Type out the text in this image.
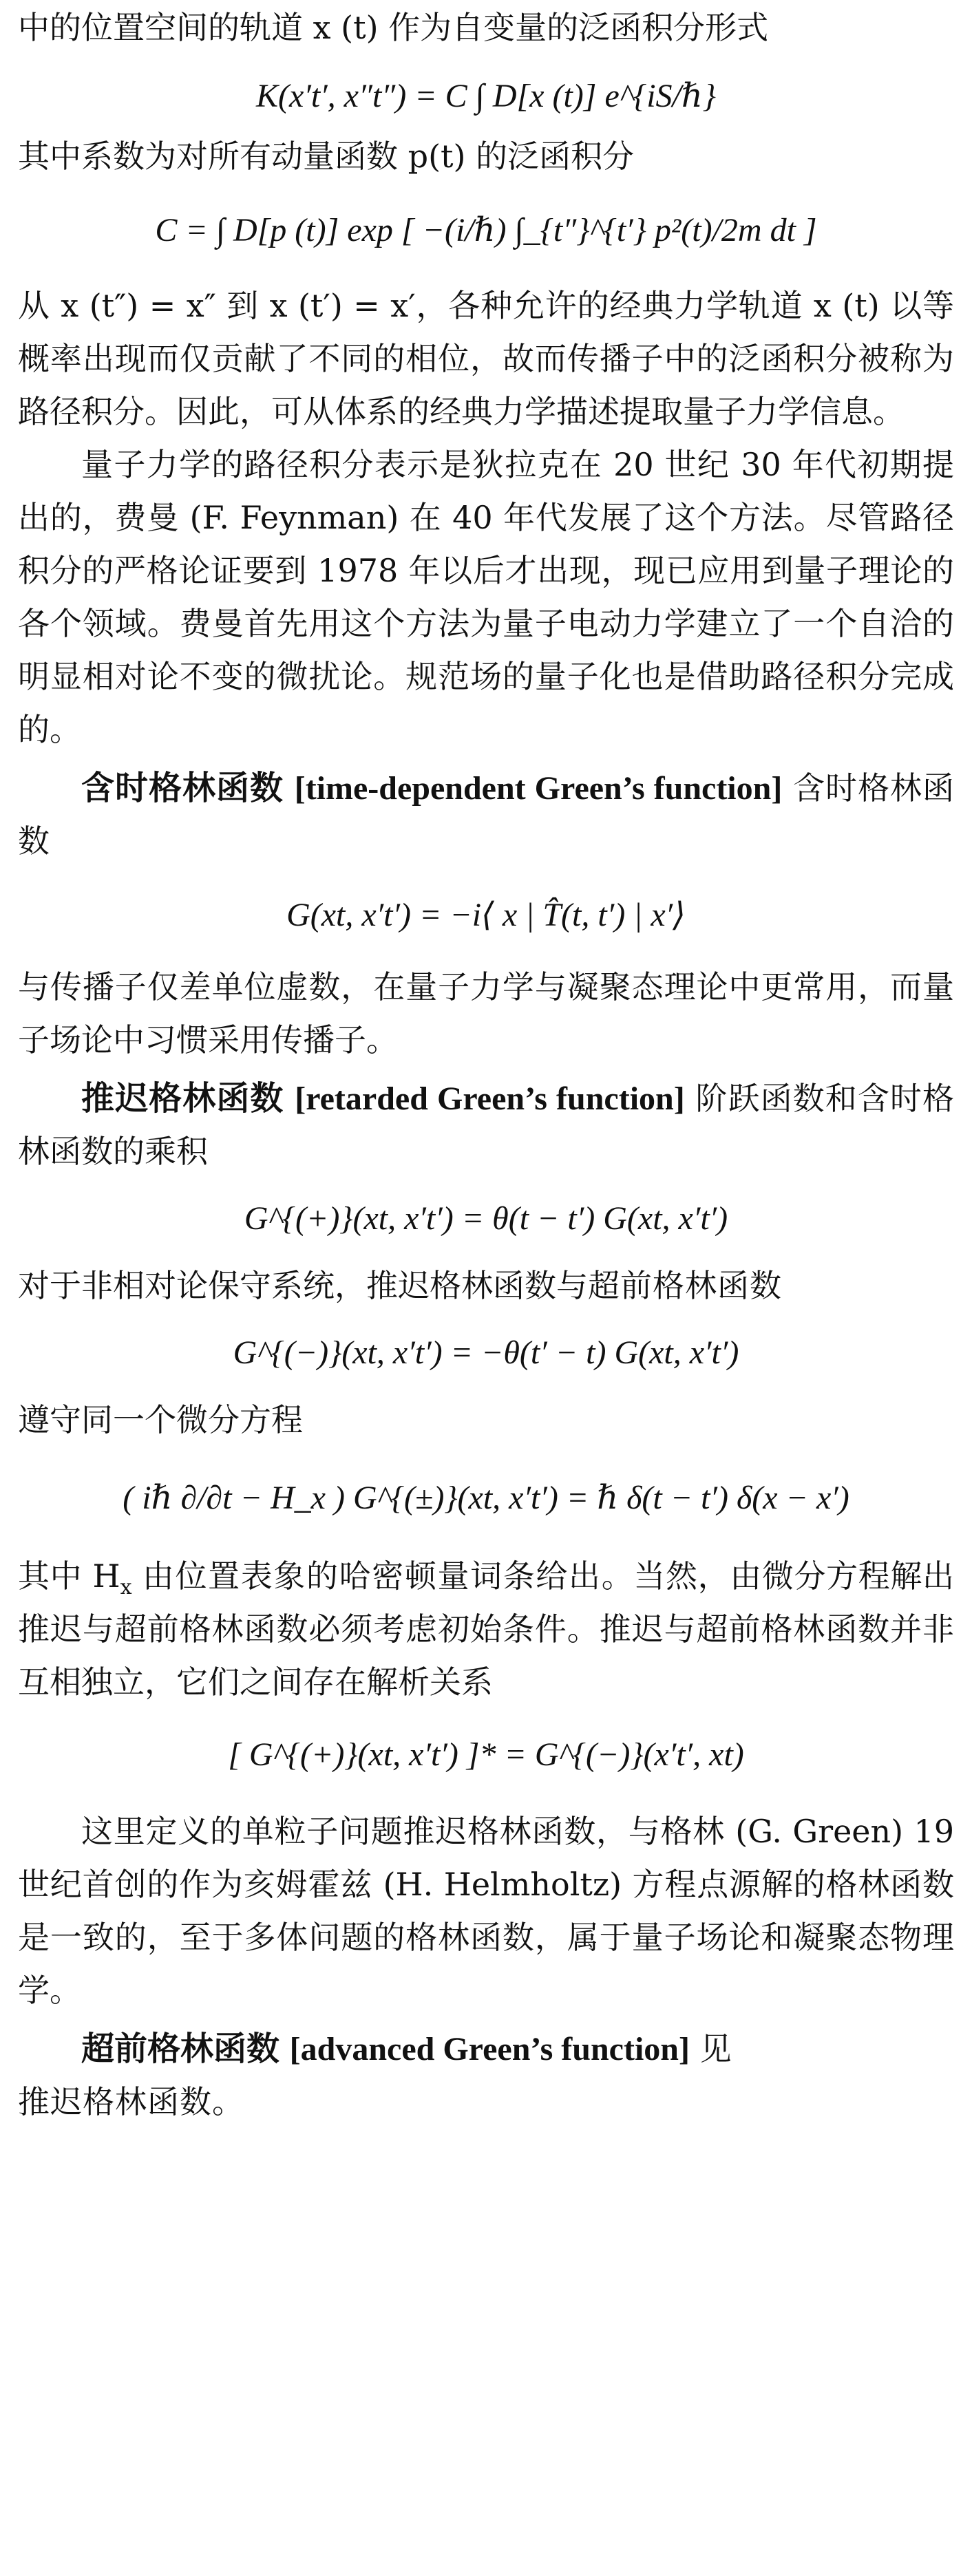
中的位置空间的轨道 x (t) 作为自变量的泛函积分形式

K(x′t′, x″t″) = C ∫ D[x (t)] e^{iS/ℏ}

其中系数为对所有动量函数 p(t) 的泛函积分

C = ∫ D[p (t)] exp [ −(i/ℏ) ∫_{t″}^{t′} p²(t)/2m dt ]

从 x (t″) = x″ 到 x (t′) = x′，各种允许的经典力学轨道 x (t) 以等概率出现而仅贡献了不同的相位，故而传播子中的泛函积分被称为路径积分。因此，可从体系的经典力学描述提取量子力学信息。

量子力学的路径积分表示是狄拉克在 20 世纪 30 年代初期提出的，费曼 (F. Feynman) 在 40 年代发展了这个方法。尽管路径积分的严格论证要到 1978 年以后才出现，现已应用到量子理论的各个领域。费曼首先用这个方法为量子电动力学建立了一个自洽的明显相对论不变的微扰论。规范场的量子化也是借助路径积分完成的。

含时格林函数 [time-dependent Green’s function] 含时格林函数

G(xt, x′t′) = −i⟨ x | T̂(t, t′) | x′⟩

与传播子仅差单位虚数，在量子力学与凝聚态理论中更常用，而量子场论中习惯采用传播子。

推迟格林函数 [retarded Green’s function] 阶跃函数和含时格林函数的乘积

G^{(+)}(xt, x′t′) = θ(t − t′) G(xt, x′t′)

对于非相对论保守系统，推迟格林函数与超前格林函数

G^{(−)}(xt, x′t′) = −θ(t′ − t) G(xt, x′t′)

遵守同一个微分方程

( iℏ ∂/∂t − H_x ) G^{(±)}(xt, x′t′) = ℏ δ(t − t′) δ(x − x′)

其中 $H_x$ 由位置表象的哈密顿量词条给出。当然，由微分方程解出推迟与超前格林函数必须考虑初始条件。推迟与超前格林函数并非互相独立，它们之间存在解析关系

[ G^{(+)}(xt, x′t′) ]* = G^{(−)}(x′t′, xt)

这里定义的单粒子问题推迟格林函数，与格林 (G. Green) 19 世纪首创的作为亥姆霍兹 (H. Helmholtz) 方程点源解的格林函数是一致的，至于多体问题的格林函数，属于量子场论和凝聚态物理学。

超前格林函数 [advanced Green’s function] 见

推迟格林函数。
